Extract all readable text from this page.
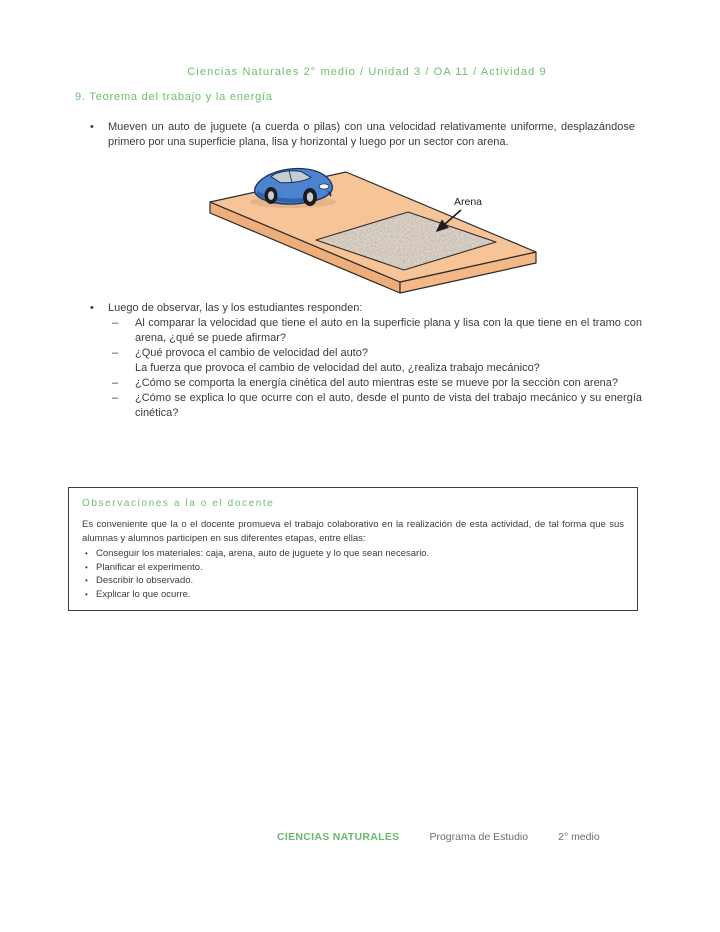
Ciencias Naturales 2° medio / Unidad 3 / OA 11 / Actividad 9
9. Teorema del trabajo y la energía
•	Mueven un auto de juguete (a cuerda o pilas) con una velocidad relativamente uniforme, desplazándose primero por una superficie plana, lisa y horizontal y luego por un sector con arena.
Arena
•	Luego de observar, las y los estudiantes responden:
–	Al comparar la velocidad que tiene el auto en la superficie plana y lisa con la que tiene en el tramo con arena, ¿qué se puede afirmar?
–	¿Qué provoca el cambio de velocidad del auto?
La fuerza que provoca el cambio de velocidad del auto, ¿realiza trabajo mecánico?
–	¿Cómo se comporta la energía cinética del auto mientras este se mueve por la sección con arena?
–	¿Cómo se explica lo que ocurre con el auto, desde el punto de vista del trabajo mecánico y su energía cinética?
Observaciones a la o el docente
Es conveniente que la o el docente promueva el trabajo colaborativo en la realización de esta actividad, de tal forma que sus alumnas y alumnos participen en sus diferentes etapas, entre ellas:
• Conseguir los materiales: caja, arena, auto de juguete y lo que sean necesario.
• Planificar el experimento.
• Describir lo observado.
• Explicar lo que ocurre.
CIENCIAS NATURALES	Programa de Estudio	2° medio
